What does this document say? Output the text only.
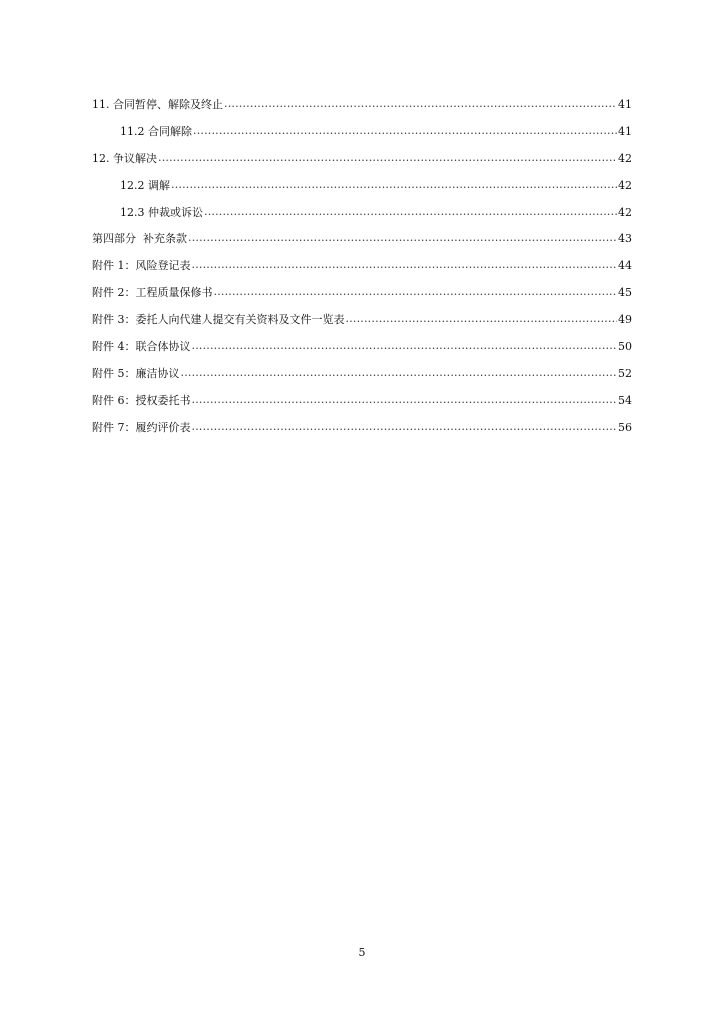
11. 合同暂停、解除及终止 .....	41
11.2 合同解除 .....	41
12. 争议解决 .....	42
12.2 调解 .....	42
12.3 仲裁或诉讼 .....	42
第四部分  补充条款 .....	43
附件 1：风险登记表 .....	44
附件 2：工程质量保修书 .....	45
附件 3：委托人向代建人提交有关资料及文件一览表 .....	49
附件 4：联合体协议 .....	50
附件 5：廉洁协议 .....	52
附件 6：授权委托书 .....	54
附件 7：履约评价表 .....	56
5
